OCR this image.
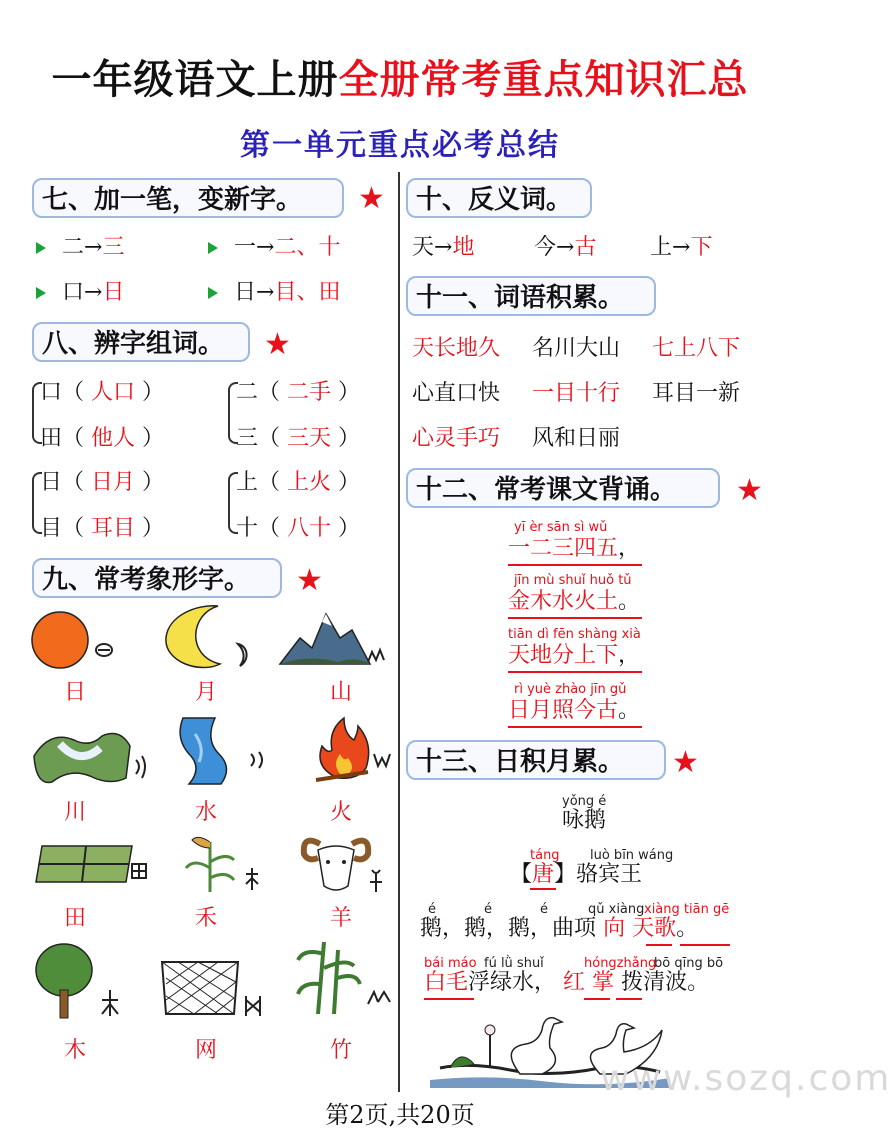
一年级语文上册全册常考重点知识汇总
第一单元重点必考总结
七、加一笔，变新字。	★
二→三	一→二、十
口→日	日→目、田
八、辨字组词。	★
口（ 人口 ）
田（ 他人 ）
二（ 二手 ）
三（ 三天 ）
日（ 日月 ）
目（ 耳目 ）
上（ 上火 ）
十（ 八十 ）
九、常考象形字。	★
日	月	山
川	水	火
田	禾	羊
木	网	竹
十、反义词。
天→地	今→古 上→下
十一、词语积累。
天长地久 名川大山 七上八下
心直口快 一目十行 耳目一新
心灵手巧 风和日丽
十二、常考课文背诵。	★
yī èr sān sì wǔ
一二三四五，
jīn mù shuǐ huǒ tǔ
金木水火土。
tiān dì fēn shàng xià
天地分上下，
rì yuè zhào jīn gǔ
日月照今古。
十三、日积月累。	★
yǒng é
咏鹅
táng luò bīn wáng
【唐】骆宾王
é	é	é	qǔ xiàng xiàng tiān gē
鹅，鹅，鹅，曲项 向 天歌。
bái máo fú lǜ shuǐ	hóngzhǎng
bō qīng bō
白毛浮绿水， 红 掌 拨清波。
www.sozq.com
第2页,共20页
